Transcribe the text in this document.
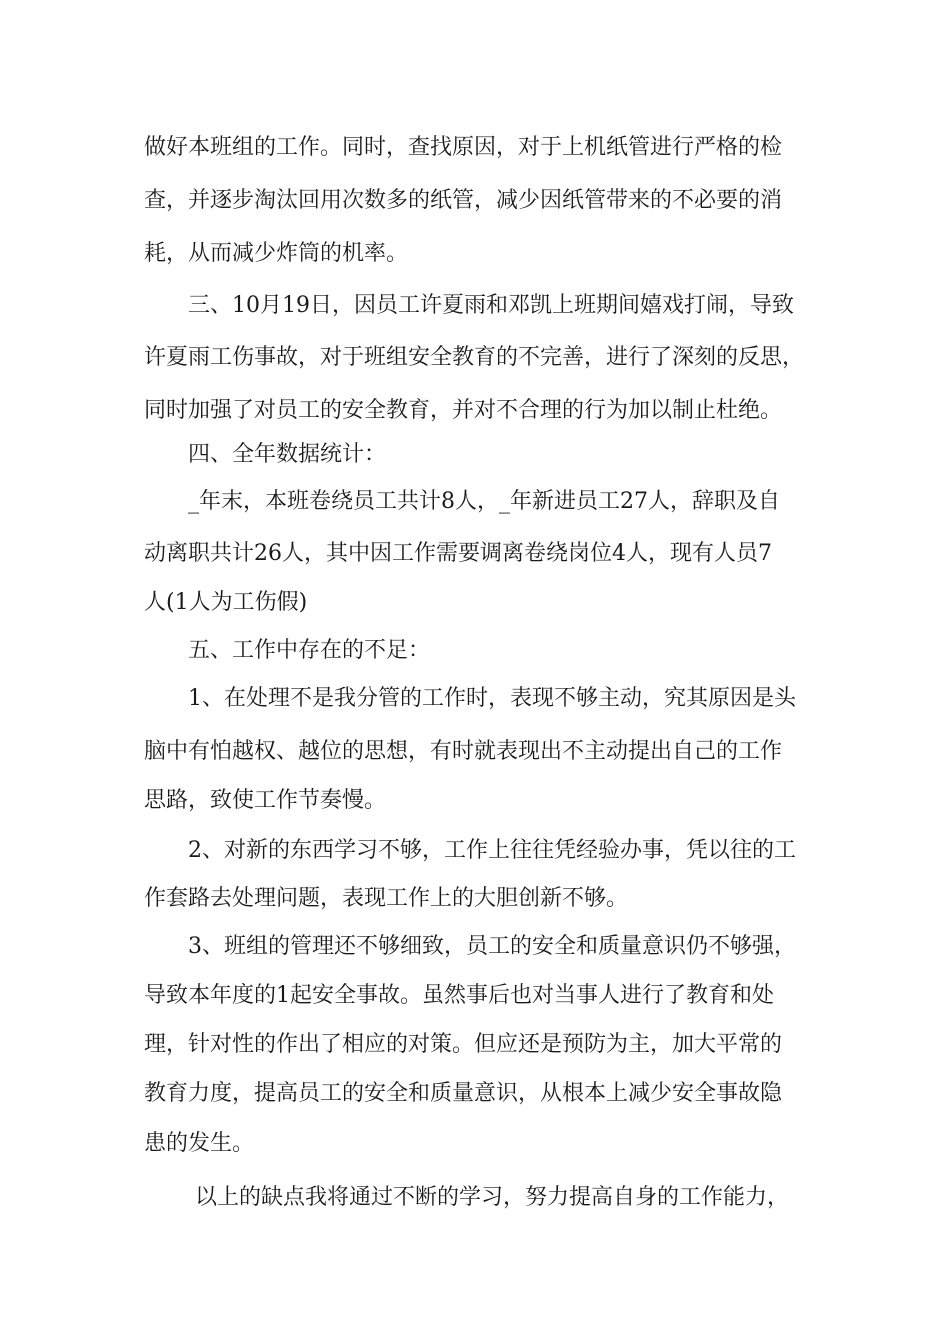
做好本班组的工作。同时，查找原因，对于上机纸管进行严格的检

查，并逐步淘汰回用次数多的纸管，减少因纸管带来的不必要的消

耗，从而减少炸筒的机率。

　　三、10月19日，因员工许夏雨和邓凯上班期间嬉戏打闹，导致

许夏雨工伤事故，对于班组安全教育的不完善，进行了深刻的反思，

同时加强了对员工的安全教育，并对不合理的行为加以制止杜绝。

　　四、全年数据统计：

　　_年末，本班卷绕员工共计8人，_年新进员工27人，辞职及自

动离职共计26人，其中因工作需要调离卷绕岗位4人，现有人员7

人(1人为工伤假)

　　五、工作中存在的不足：

　　1、在处理不是我分管的工作时，表现不够主动，究其原因是头

脑中有怕越权、越位的思想，有时就表现出不主动提出自己的工作

思路，致使工作节奏慢。

　　2、对新的东西学习不够，工作上往往凭经验办事，凭以往的工

作套路去处理问题，表现工作上的大胆创新不够。

　　3、班组的管理还不够细致，员工的安全和质量意识仍不够强，

导致本年度的1起安全事故。虽然事后也对当事人进行了教育和处

理，针对性的作出了相应的对策。但应还是预防为主，加大平常的

教育力度，提高员工的安全和质量意识，从根本上减少安全事故隐

患的发生。

　　 以上的缺点我将通过不断的学习，努力提高自身的工作能力，
